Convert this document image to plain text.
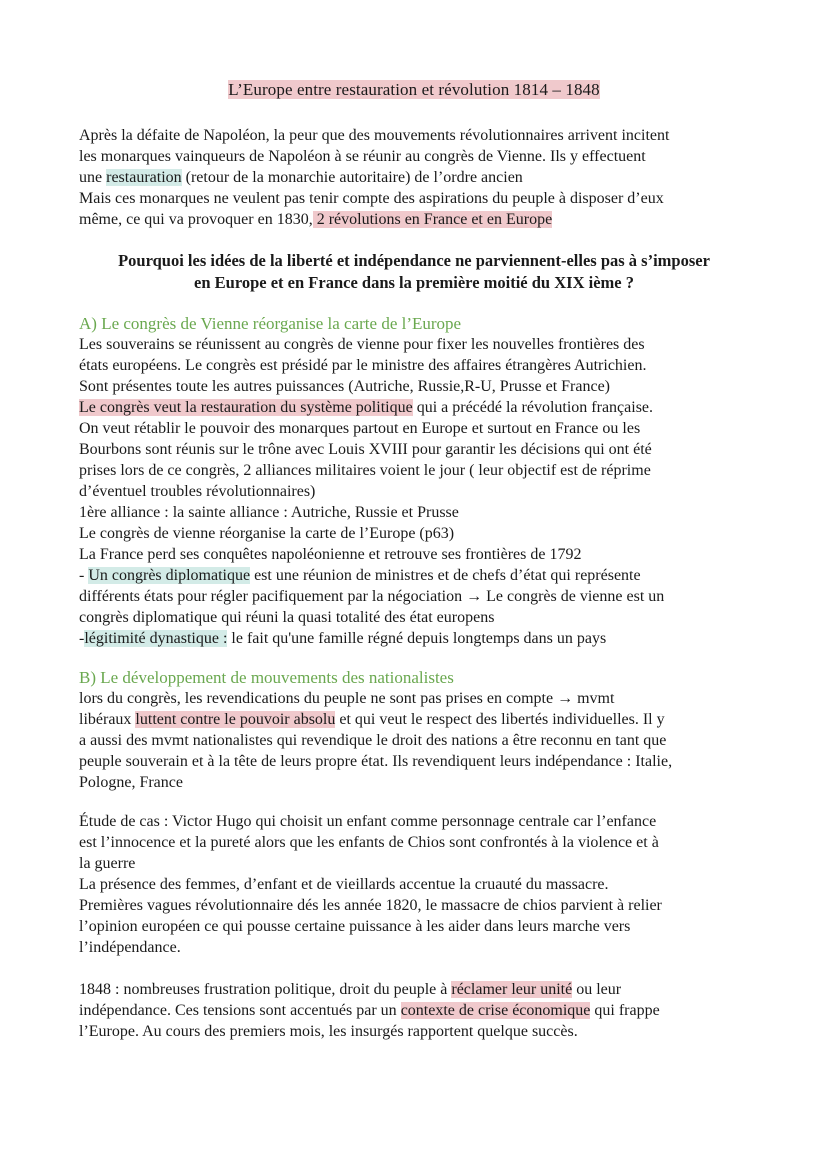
L’Europe entre restauration et révolution 1814 – 1848
Après la défaite de Napoléon, la peur que des mouvements révolutionnaires arrivent incitent
les monarques vainqueurs de Napoléon à se réunir au congrès de Vienne. Ils y effectuent
une restauration (retour de la monarchie autoritaire) de l’ordre ancien
Mais ces monarques ne veulent pas tenir compte des aspirations du peuple à disposer d’eux
même, ce qui va provoquer en 1830, 2 révolutions en France et en Europe
Pourquoi les idées de la liberté et indépendance ne parviennent-elles pas à s’imposer
en Europe et en France dans la première moitié du XIX ième ?
A) Le congrès de Vienne réorganise la carte de l’Europe
Les souverains se réunissent au congrès de vienne pour fixer les nouvelles frontières des
états européens. Le congrès est présidé par le ministre des affaires étrangères Autrichien.
Sont présentes toute les autres puissances (Autriche, Russie,R-U, Prusse et France)
Le congrès veut la restauration du système politique qui a précédé la révolution française.
On veut rétablir le pouvoir des monarques partout en Europe et surtout en France ou les
Bourbons sont réunis sur le trône avec Louis XVIII pour garantir les décisions qui ont été
prises lors de ce congrès, 2 alliances militaires voient le jour ( leur objectif est de réprime
d’éventuel troubles révolutionnaires)
1ère alliance : la sainte alliance : Autriche, Russie et Prusse
Le congrès de vienne réorganise la carte de l’Europe (p63)
La France perd ses conquêtes napoléonienne et retrouve ses frontières de 1792
- Un congrès diplomatique est une réunion de ministres et de chefs d’état qui représente
différents états pour régler pacifiquement par la négociation → Le congrès de vienne est un
congrès diplomatique qui réuni la quasi totalité des état europens
-légitimité dynastique : le fait qu'une famille régné depuis longtemps dans un pays
B) Le développement de mouvements des nationalistes
lors du congrès, les revendications du peuple ne sont pas prises en compte → mvmt
libéraux luttent contre le pouvoir absolu et qui veut le respect des libertés individuelles. Il y
a aussi des mvmt nationalistes qui revendique le droit des nations a être reconnu en tant que
peuple souverain et à la tête de leurs propre état. Ils revendiquent leurs indépendance : Italie,
Pologne, France
Étude de cas : Victor Hugo qui choisit un enfant comme personnage centrale car l’enfance
est l’innocence et la pureté alors que les enfants de Chios sont confrontés à la violence et à
la guerre
La présence des femmes, d’enfant et de vieillards accentue la cruauté du massacre.
Premières vagues révolutionnaire dés les année 1820, le massacre de chios parvient à relier
l’opinion européen ce qui pousse certaine puissance à les aider dans leurs marche vers
l’indépendance.
1848 : nombreuses frustration politique, droit du peuple à réclamer leur unité ou leur
indépendance. Ces tensions sont accentués par un contexte de crise économique qui frappe
l’Europe. Au cours des premiers mois, les insurgés rapportent quelque succès.
